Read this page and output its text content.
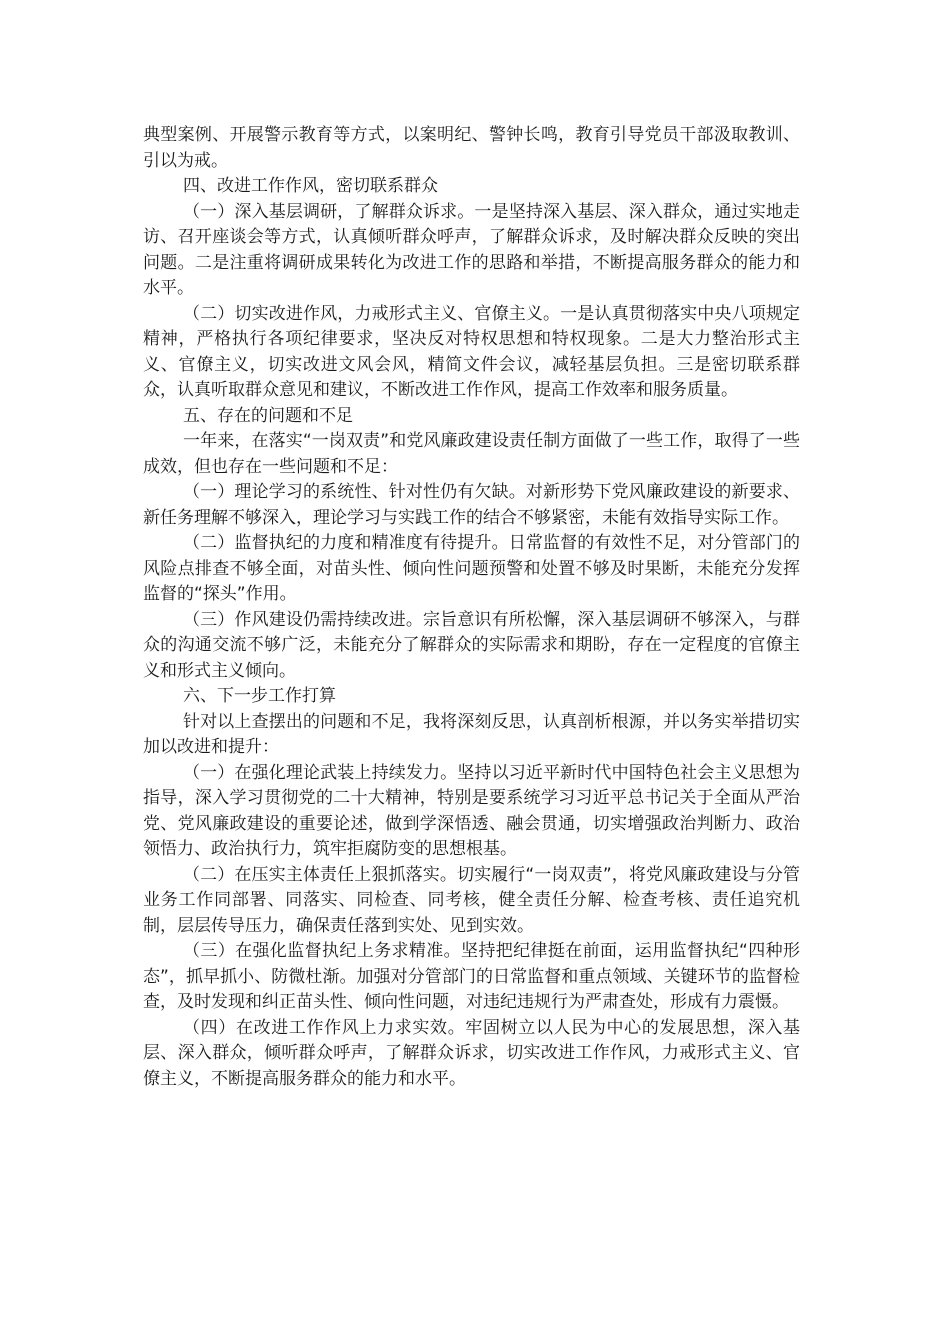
典型案例、开展警示教育等方式，以案明纪、警钟长鸣，教育引导党员干部汲取教训、引以为戒。

四、改进工作作风，密切联系群众

（一）深入基层调研，了解群众诉求。一是坚持深入基层、深入群众，通过实地走访、召开座谈会等方式，认真倾听群众呼声，了解群众诉求，及时解决群众反映的突出问题。二是注重将调研成果转化为改进工作的思路和举措，不断提高服务群众的能力和水平。

（二）切实改进作风，力戒形式主义、官僚主义。一是认真贯彻落实中央八项规定精神，严格执行各项纪律要求，坚决反对特权思想和特权现象。二是大力整治形式主义、官僚主义，切实改进文风会风，精简文件会议，减轻基层负担。三是密切联系群众，认真听取群众意见和建议，不断改进工作作风，提高工作效率和服务质量。

五、存在的问题和不足

一年来，在落实“一岗双责”和党风廉政建设责任制方面做了一些工作，取得了一些成效，但也存在一些问题和不足：

（一）理论学习的系统性、针对性仍有欠缺。对新形势下党风廉政建设的新要求、新任务理解不够深入，理论学习与实践工作的结合不够紧密，未能有效指导实际工作。

（二）监督执纪的力度和精准度有待提升。日常监督的有效性不足，对分管部门的风险点排查不够全面，对苗头性、倾向性问题预警和处置不够及时果断，未能充分发挥监督的“探头”作用。

（三）作风建设仍需持续改进。宗旨意识有所松懈，深入基层调研不够深入，与群众的沟通交流不够广泛，未能充分了解群众的实际需求和期盼，存在一定程度的官僚主义和形式主义倾向。

六、下一步工作打算

针对以上查摆出的问题和不足，我将深刻反思，认真剖析根源，并以务实举措切实加以改进和提升：

（一）在强化理论武装上持续发力。坚持以习近平新时代中国特色社会主义思想为指导，深入学习贯彻党的二十大精神，特别是要系统学习习近平总书记关于全面从严治党、党风廉政建设的重要论述，做到学深悟透、融会贯通，切实增强政治判断力、政治领悟力、政治执行力，筑牢拒腐防变的思想根基。

（二）在压实主体责任上狠抓落实。切实履行“一岗双责”，将党风廉政建设与分管业务工作同部署、同落实、同检查、同考核，健全责任分解、检查考核、责任追究机制，层层传导压力，确保责任落到实处、见到实效。

（三）在强化监督执纪上务求精准。坚持把纪律挺在前面，运用监督执纪“四种形态”，抓早抓小、防微杜渐。加强对分管部门的日常监督和重点领域、关键环节的监督检查，及时发现和纠正苗头性、倾向性问题，对违纪违规行为严肃查处，形成有力震慑。

（四）在改进工作作风上力求实效。牢固树立以人民为中心的发展思想，深入基层、深入群众，倾听群众呼声，了解群众诉求，切实改进工作作风，力戒形式主义、官僚主义，不断提高服务群众的能力和水平。
